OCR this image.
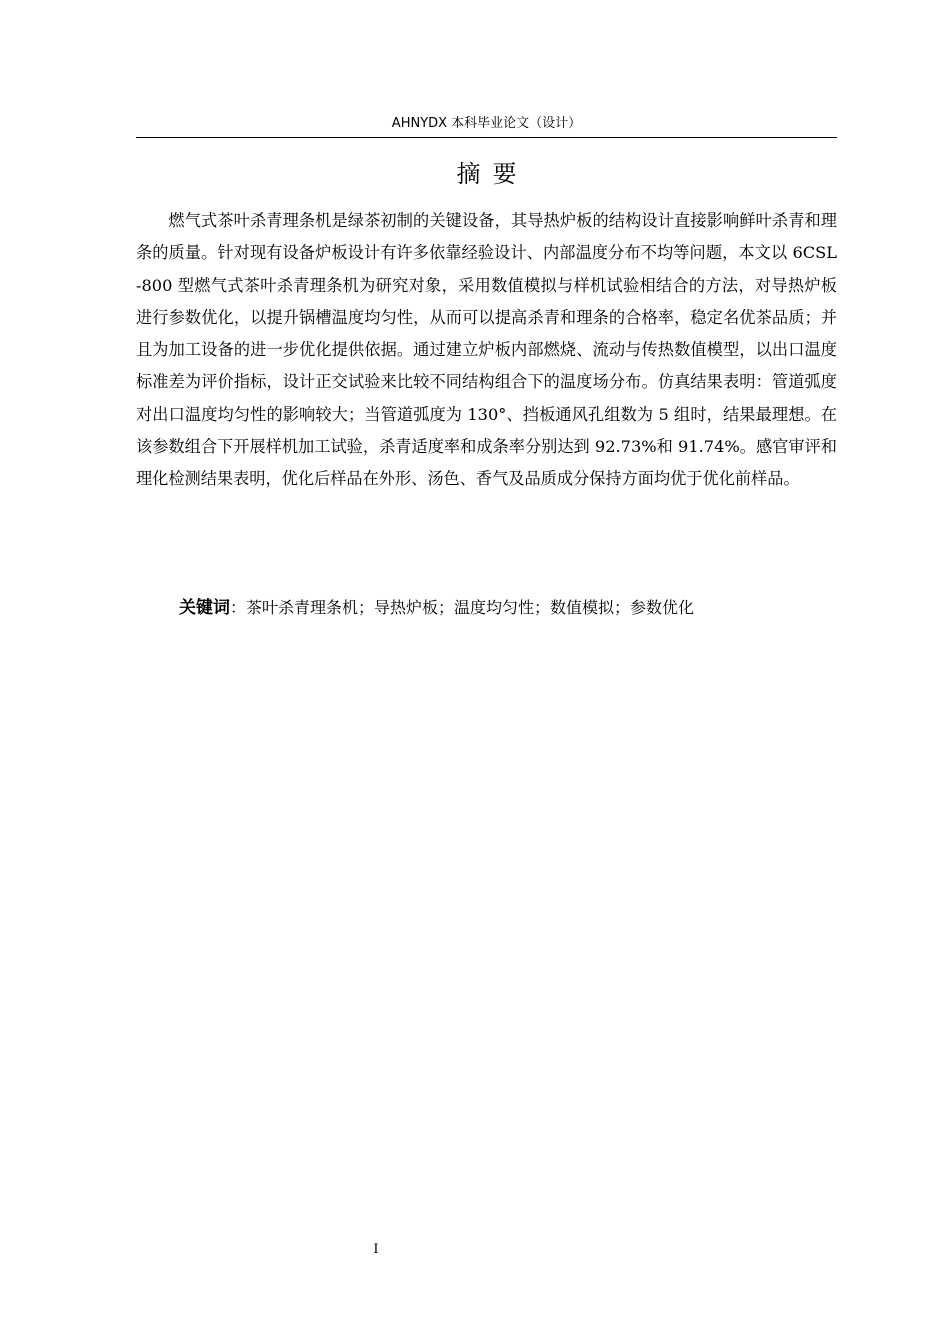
AHNYDX 本科毕业论文（设计）
摘要

燃气式茶叶杀青理条机是绿茶初制的关键设备，其导热炉板的结构设计直接影响鲜叶杀青和理条的质量。针对现有设备炉板设计有许多依靠经验设计、内部温度分布不均等问题，本文以 6CSL-800 型燃气式茶叶杀青理条机为研究对象，采用数值模拟与样机试验相结合的方法，对导热炉板进行参数优化，以提升锅槽温度均匀性，从而可以提高杀青和理条的合格率，稳定名优茶品质；并且为加工设备的进一步优化提供依据。通过建立炉板内部燃烧、流动与传热数值模型，以出口温度标准差为评价指标，设计正交试验来比较不同结构组合下的温度场分布。仿真结果表明：管道弧度对出口温度均匀性的影响较大；当管道弧度为 130°、挡板通风孔组数为 5 组时，结果最理想。在该参数组合下开展样机加工试验，杀青适度率和成条率分别达到 92.73%和 91.74%。感官审评和理化检测结果表明，优化后样品在外形、汤色、香气及品质成分保持方面均优于优化前样品。

关键词：茶叶杀青理条机；导热炉板；温度均匀性；数值模拟；参数优化
I
